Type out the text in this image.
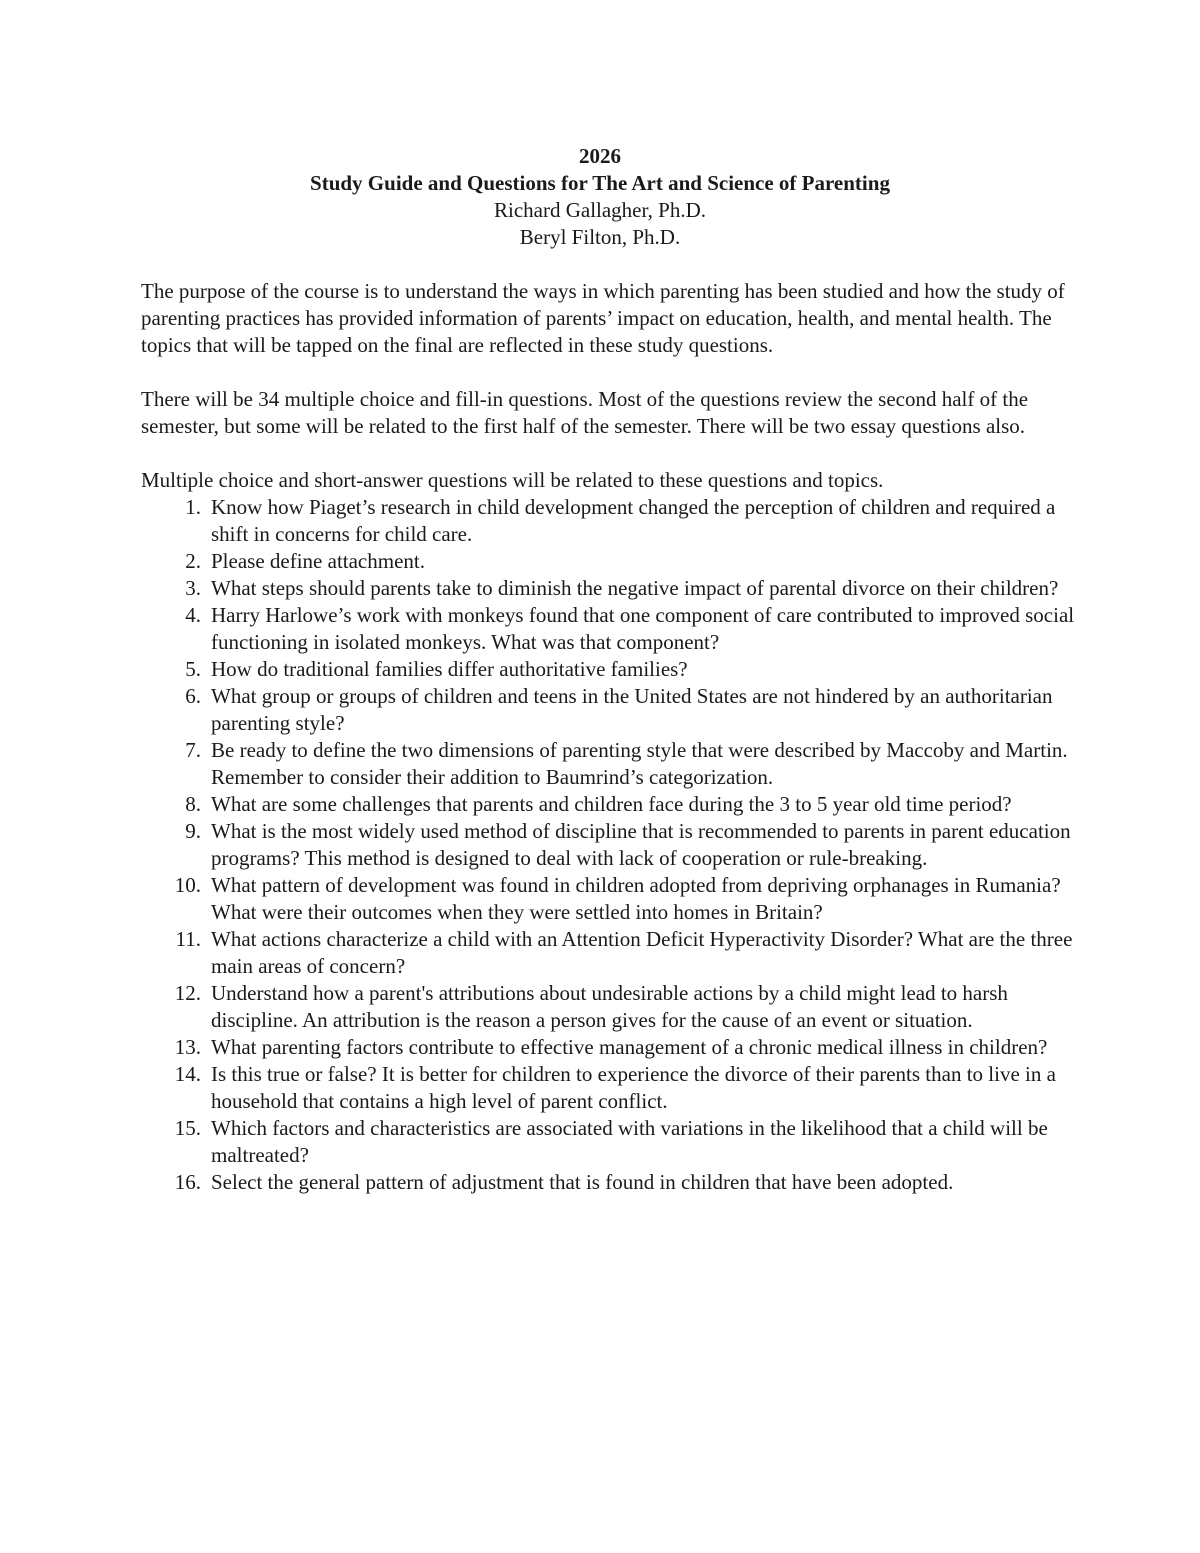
2026
Study Guide and Questions for The Art and Science of Parenting
Richard Gallagher, Ph.D.
Beryl Filton, Ph.D.

The purpose of the course is to understand the ways in which parenting has been studied and how the study of parenting practices has provided information of parents’ impact on education, health, and mental health. The topics that will be tapped on the final are reflected in these study questions.

There will be 34 multiple choice and fill-in questions. Most of the questions review the second half of the semester, but some will be related to the first half of the semester. There will be two essay questions also.

Multiple choice and short-answer questions will be related to these questions and topics.

1. Know how Piaget’s research in child development changed the perception of children and required a shift in concerns for child care.
2. Please define attachment.
3. What steps should parents take to diminish the negative impact of parental divorce on their children?
4. Harry Harlowe’s work with monkeys found that one component of care contributed to improved social functioning in isolated monkeys. What was that component?
5. How do traditional families differ authoritative families?
6. What group or groups of children and teens in the United States are not hindered by an authoritarian parenting style?
7. Be ready to define the two dimensions of parenting style that were described by Maccoby and Martin. Remember to consider their addition to Baumrind’s categorization.
8. What are some challenges that parents and children face during the 3 to 5 year old time period?
9. What is the most widely used method of discipline that is recommended to parents in parent education programs? This method is designed to deal with lack of cooperation or rule-breaking.
10. What pattern of development was found in children adopted from depriving orphanages in Rumania? What were their outcomes when they were settled into homes in Britain?
11. What actions characterize a child with an Attention Deficit Hyperactivity Disorder? What are the three main areas of concern?
12. Understand how a parent's attributions about undesirable actions by a child might lead to harsh discipline. An attribution is the reason a person gives for the cause of an event or situation.
13. What parenting factors contribute to effective management of a chronic medical illness in children?
14. Is this true or false? It is better for children to experience the divorce of their parents than to live in a household that contains a high level of parent conflict.
15. Which factors and characteristics are associated with variations in the likelihood that a child will be maltreated?
16. Select the general pattern of adjustment that is found in children that have been adopted.
